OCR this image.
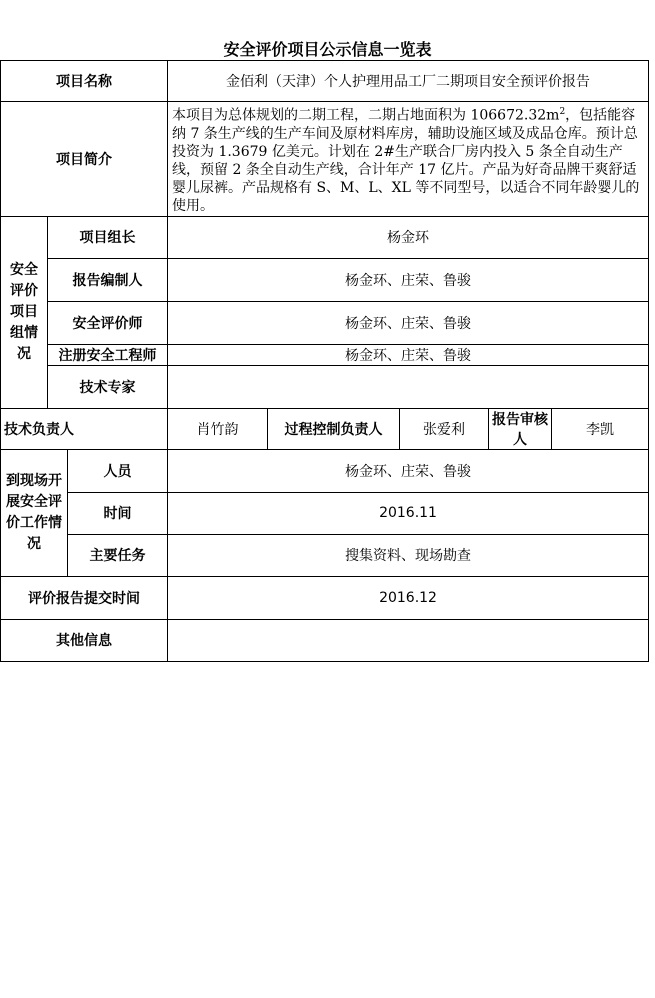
安全评价项目公示信息一览表
项目名称			金佰利（天津）个人护理用品工厂二期项目安全预评价报告				
项目简介			本项目为总体规划的二期工程，二期占地面积为 $106672.32m^2$，包括能容纳 7 条生产线的生产车间及原材料库房，辅助设施区域及成品仓库。预计总投资为 1.3679 亿美元。计划在 2#生产联合厂房内投入 5 条全自动生产线，预留 2 条全自动生产线，合计年产 17 亿片。产品为好奇品牌干爽舒适婴儿尿裤。产品规格有 S、M、L、XL 等不同型号，以适合不同年龄婴儿的使用。				
安全评价项目组情况	项目组长		杨金环				
	报告编制人		杨金环、庄荣、鲁骏				
	安全评价师		杨金环、庄荣、鲁骏				
	注册安全工程师		杨金环、庄荣、鲁骏				
	技术专家						
技术负责人			肖竹韵	过程控制负责人	张爱利	报告审核人	李凯
到现场开展安全评价工作情况		人员	杨金环、庄荣、鲁骏				
		时间	2016.11				
		主要任务	搜集资料、现场勘查				
评价报告提交时间			2016.12				
其他信息							
